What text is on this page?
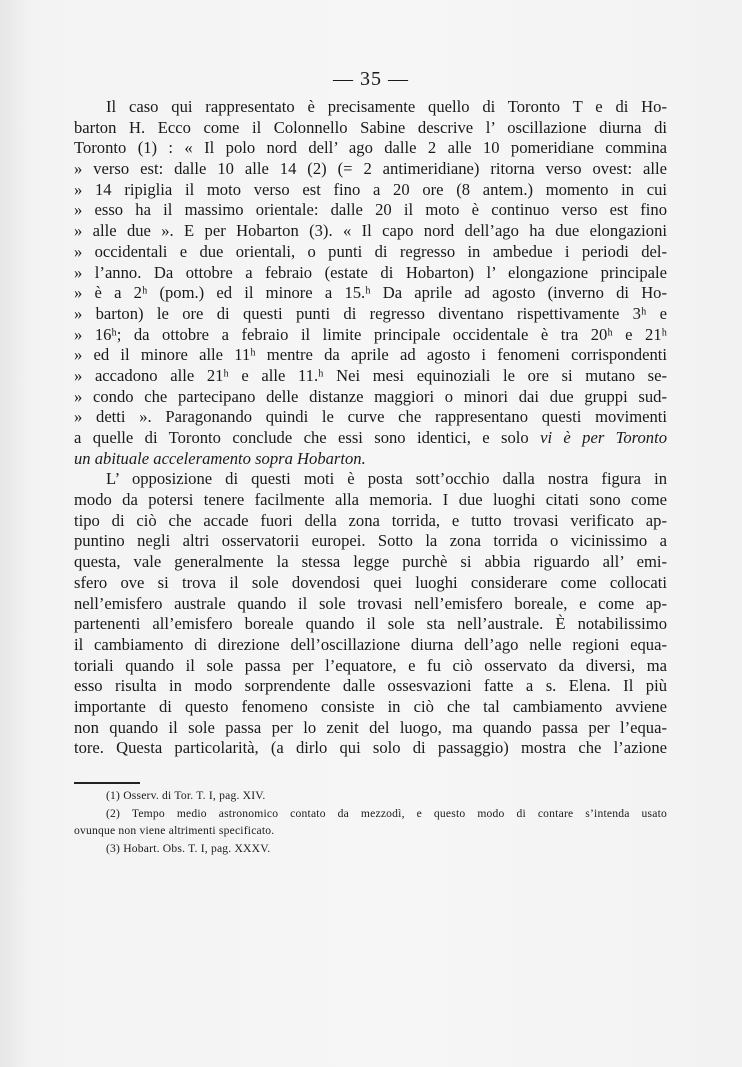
— 35 —
Il caso qui rappresentato è precisamente quello di Toronto T e di Ho-
barton H. Ecco come il Colonnello Sabine descrive l’ oscillazione diurna di
Toronto (1) : « Il polo nord dell’ ago dalle 2 alle 10 pomeridiane commina
» verso est: dalle 10 alle 14 (2) (= 2 antimeridiane) ritorna verso ovest: alle
» 14 ripiglia il moto verso est fino a 20 ore (8 antem.) momento in cui
» esso ha il massimo orientale: dalle 20 il moto è continuo verso est fino
» alle due ». E per Hobarton (3). « Il capo nord dell’ago ha due elongazioni
» occidentali e due orientali, o punti di regresso in ambedue i periodi del-
» l’anno. Da ottobre a febraio (estate di Hobarton) l’ elongazione principale
» è a 2ʰ (pom.) ed il minore a 15.ʰ Da aprile ad agosto (inverno di Ho-
» barton) le ore di questi punti di regresso diventano rispettivamente 3ʰ e
» 16ʰ; da ottobre a febraio il limite principale occidentale è tra 20ʰ e 21ʰ
» ed il minore alle 11ʰ mentre da aprile ad agosto i fenomeni corrispondenti
» accadono alle 21ʰ e alle 11.ʰ Nei mesi equinoziali le ore si mutano se-
» condo che partecipano delle distanze maggiori o minori dai due gruppi sud-
» detti ». Paragonando quindi le curve che rappresentano questi movimenti
a quelle di Toronto conclude che essi sono identici, e solo vi è per Toronto
un abituale acceleramento sopra Hobarton.
L’ opposizione di questi moti è posta sott’occhio dalla nostra figura in
modo da potersi tenere facilmente alla memoria. I due luoghi citati sono come
tipo di ciò che accade fuori della zona torrida, e tutto trovasi verificato ap-
puntino negli altri osservatorii europei. Sotto la zona torrida o vicinissimo a
questa, vale generalmente la stessa legge purchè si abbia riguardo all’ emi-
sfero ove si trova il sole dovendosi quei luoghi considerare come collocati
nell’emisfero australe quando il sole trovasi nell’emisfero boreale, e come ap-
partenenti all’emisfero boreale quando il sole sta nell’australe. È notabilissimo
il cambiamento di direzione dell’oscillazione diurna dell’ago nelle regioni equa-
toriali quando il sole passa per l’equatore, e fu ciò osservato da diversi, ma
esso risulta in modo sorprendente dalle ossesvazioni fatte a s. Elena. Il più
importante di questo fenomeno consiste in ciò che tal cambiamento avviene
non quando il sole passa per lo zenit del luogo, ma quando passa per l’equa-
tore. Questa particolarità, (a dirlo qui solo di passaggio) mostra che l’azione
(1) Osserv. di Tor. T. I, pag. XIV.
(2) Tempo medio astronomico contato da mezzodì, e questo modo di contare s’intenda usato
ovunque non viene altrimenti specificato.
(3) Hobart. Obs. T. I, pag. XXXV.
